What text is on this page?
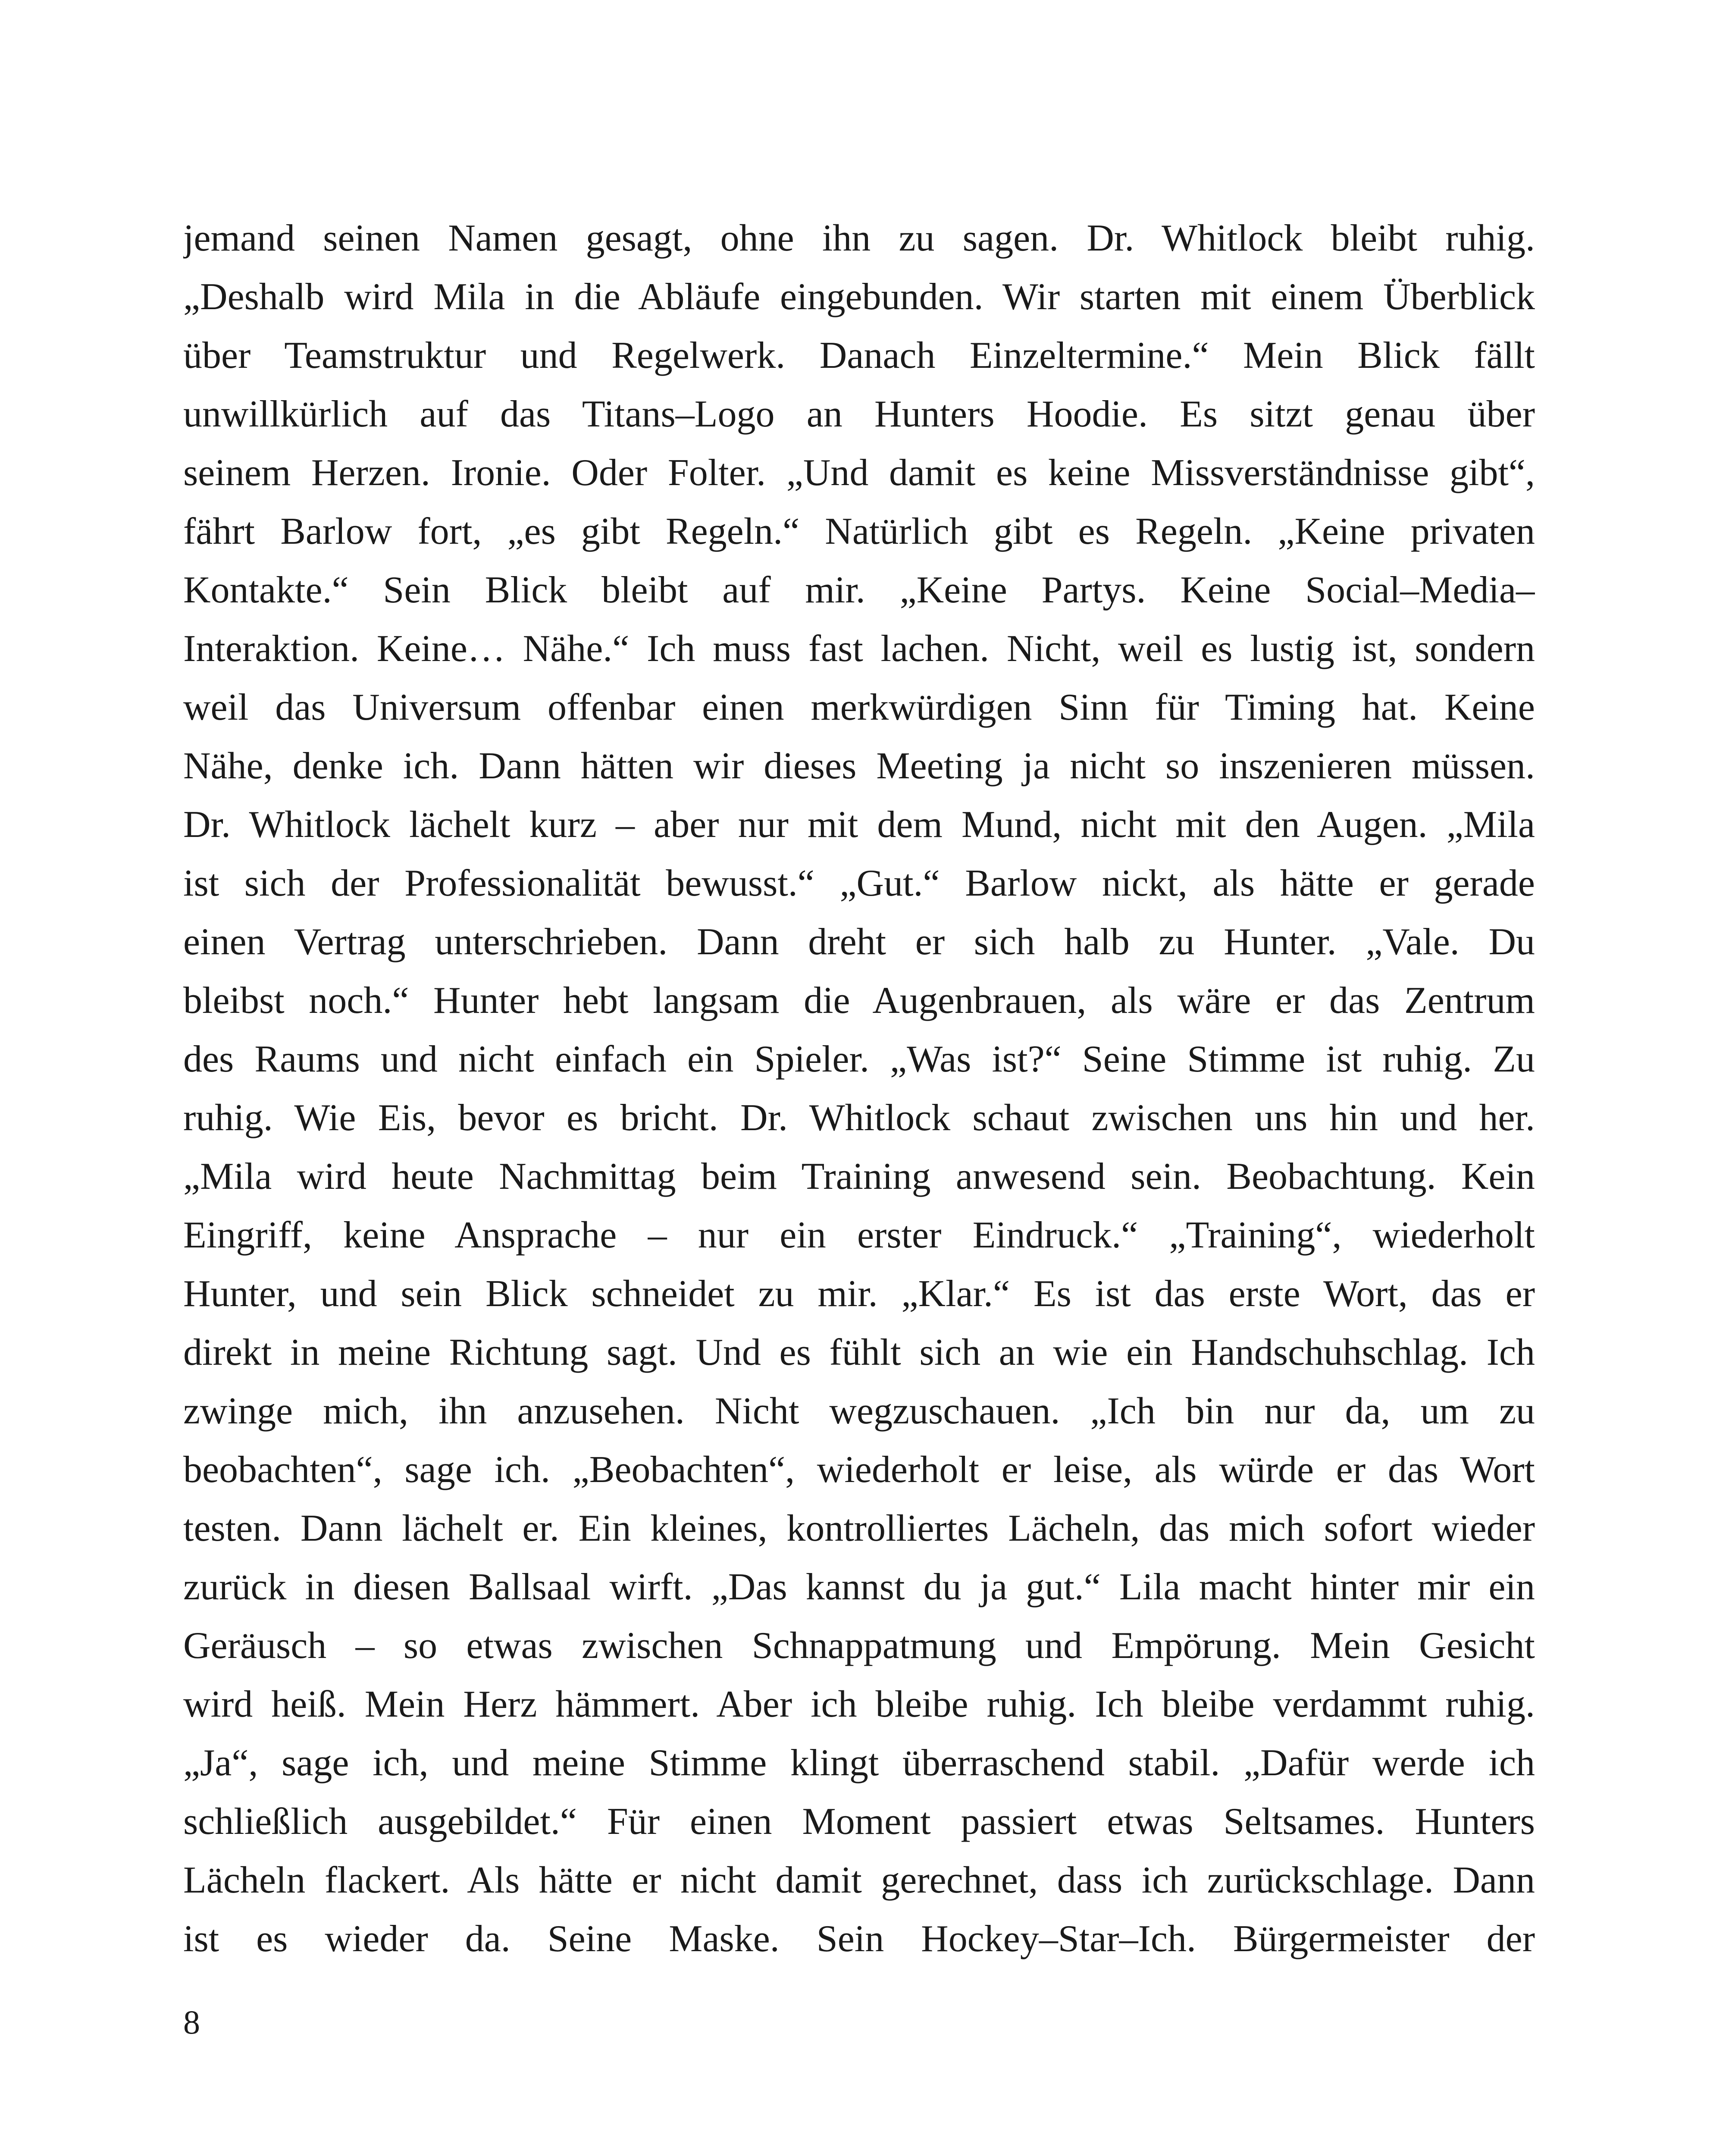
jemand seinen Namen gesagt, ohne ihn zu sagen. Dr. Whitlock bleibt ruhig.
„Deshalb wird Mila in die Abläufe eingebunden. Wir starten mit einem Überblick
über Teamstruktur und Regelwerk. Danach Einzeltermine.“ Mein Blick fällt
unwillkürlich auf das Titans–Logo an Hunters Hoodie. Es sitzt genau über
seinem Herzen. Ironie. Oder Folter. „Und damit es keine Missverständnisse gibt“,
fährt Barlow fort, „es gibt Regeln.“ Natürlich gibt es Regeln. „Keine privaten
Kontakte.“ Sein Blick bleibt auf mir. „Keine Partys. Keine Social–Media–
Interaktion. Keine… Nähe.“ Ich muss fast lachen. Nicht, weil es lustig ist, sondern
weil das Universum offenbar einen merkwürdigen Sinn für Timing hat. Keine
Nähe, denke ich. Dann hätten wir dieses Meeting ja nicht so inszenieren müssen.
Dr. Whitlock lächelt kurz – aber nur mit dem Mund, nicht mit den Augen. „Mila
ist sich der Professionalität bewusst.“ „Gut.“ Barlow nickt, als hätte er gerade
einen Vertrag unterschrieben. Dann dreht er sich halb zu Hunter. „Vale. Du
bleibst noch.“ Hunter hebt langsam die Augenbrauen, als wäre er das Zentrum
des Raums und nicht einfach ein Spieler. „Was ist?“ Seine Stimme ist ruhig. Zu
ruhig. Wie Eis, bevor es bricht. Dr. Whitlock schaut zwischen uns hin und her.
„Mila wird heute Nachmittag beim Training anwesend sein. Beobachtung. Kein
Eingriff, keine Ansprache – nur ein erster Eindruck.“ „Training“, wiederholt
Hunter, und sein Blick schneidet zu mir. „Klar.“ Es ist das erste Wort, das er
direkt in meine Richtung sagt. Und es fühlt sich an wie ein Handschuhschlag. Ich
zwinge mich, ihn anzusehen. Nicht wegzuschauen. „Ich bin nur da, um zu
beobachten“, sage ich. „Beobachten“, wiederholt er leise, als würde er das Wort
testen. Dann lächelt er. Ein kleines, kontrolliertes Lächeln, das mich sofort wieder
zurück in diesen Ballsaal wirft. „Das kannst du ja gut.“ Lila macht hinter mir ein
Geräusch – so etwas zwischen Schnappatmung und Empörung. Mein Gesicht
wird heiß. Mein Herz hämmert. Aber ich bleibe ruhig. Ich bleibe verdammt ruhig.
„Ja“, sage ich, und meine Stimme klingt überraschend stabil. „Dafür werde ich
schließlich ausgebildet.“ Für einen Moment passiert etwas Seltsames. Hunters
Lächeln flackert. Als hätte er nicht damit gerechnet, dass ich zurückschlage. Dann
ist es wieder da. Seine Maske. Sein Hockey–Star–Ich. Bürgermeister der
8
